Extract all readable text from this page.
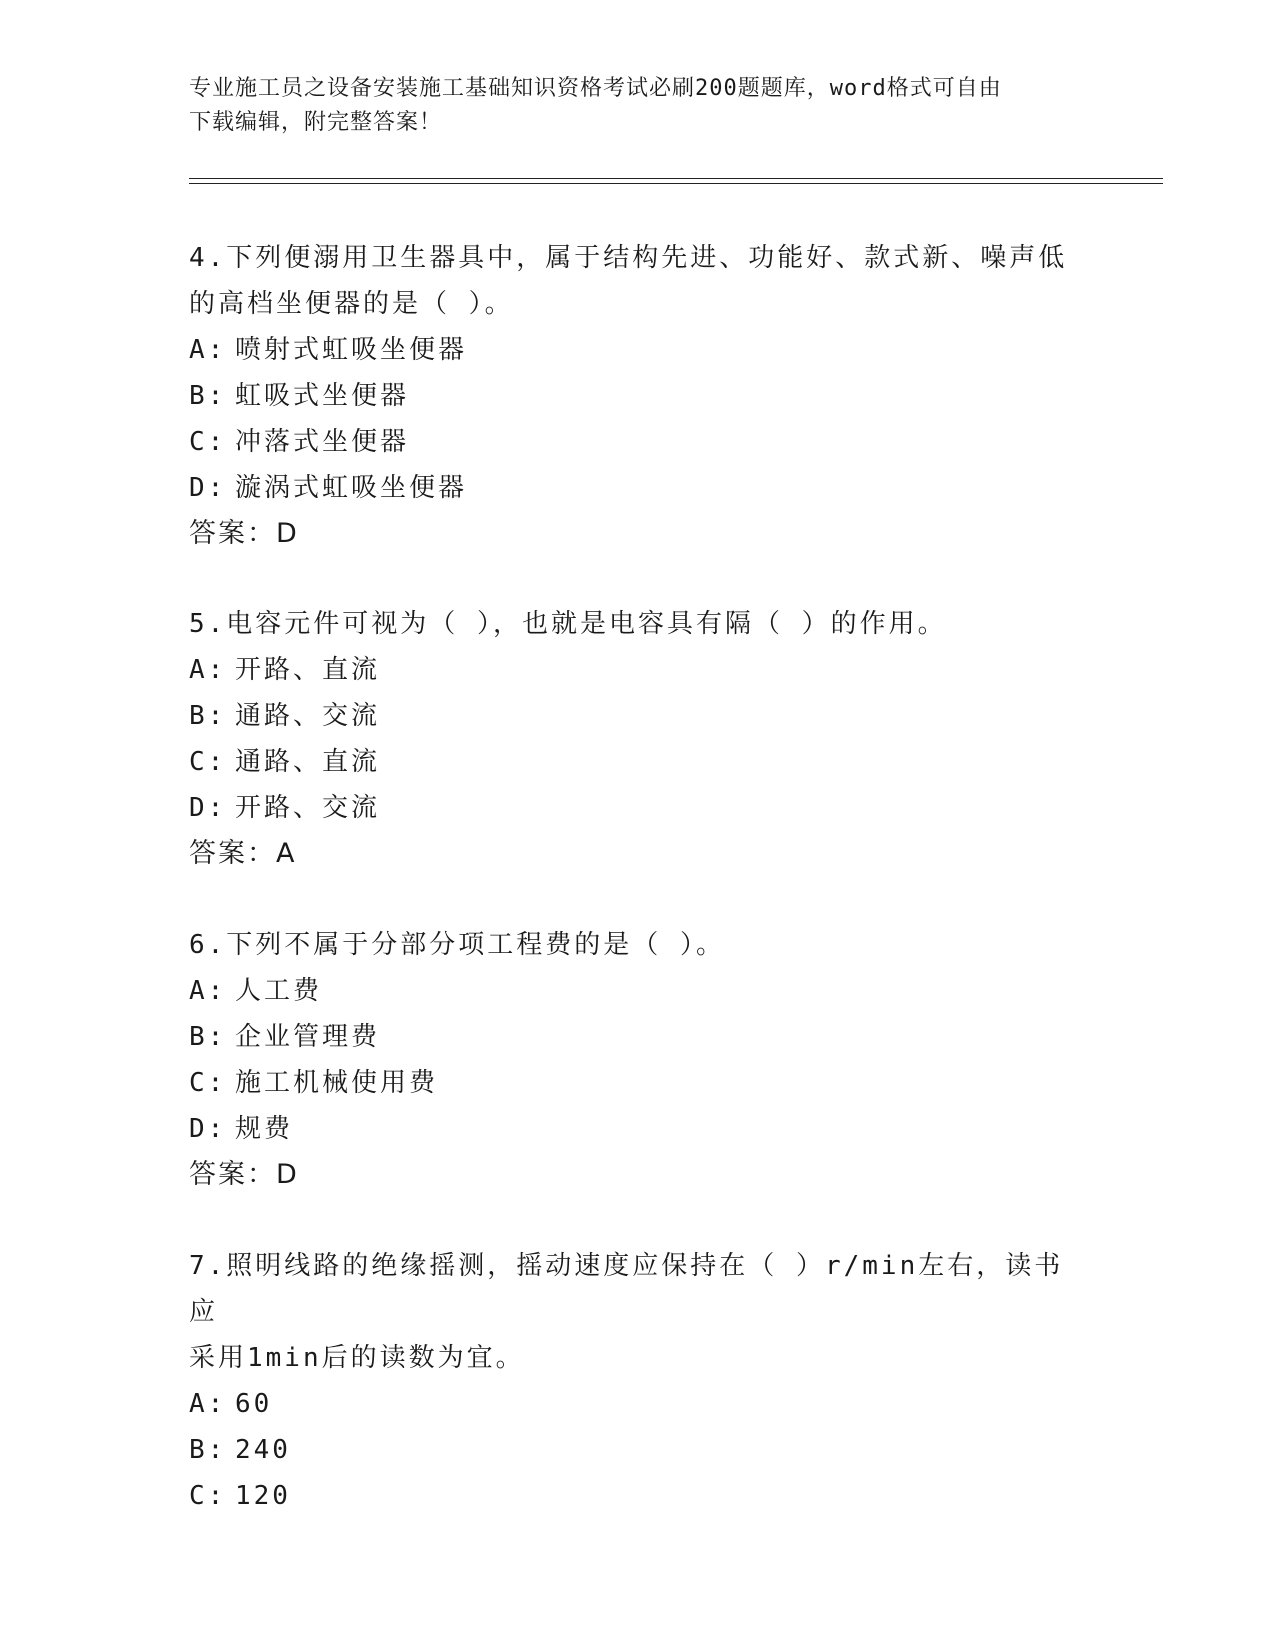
专业施工员之设备安装施工基础知识资格考试必刷200题题库，word格式可自由
下载编辑，附完整答案！
4.下列便溺用卫生器具中，属于结构先进、功能好、款式新、噪声低
的高档坐便器的是（ ）。
A: 喷射式虹吸坐便器
B: 虹吸式坐便器
C: 冲落式坐便器
D: 漩涡式虹吸坐便器
答案：D
5.电容元件可视为（ ），也就是电容具有隔（ ）的作用。
A: 开路、直流
B: 通路、交流
C: 通路、直流
D: 开路、交流
答案：A
6.下列不属于分部分项工程费的是（ ）。
A: 人工费
B: 企业管理费
C: 施工机械使用费
D: 规费
答案：D
7.照明线路的绝缘摇测，摇动速度应保持在（ ）r/min左右，读书应
采用1min后的读数为宜。
A: 60
B: 240
C: 120
